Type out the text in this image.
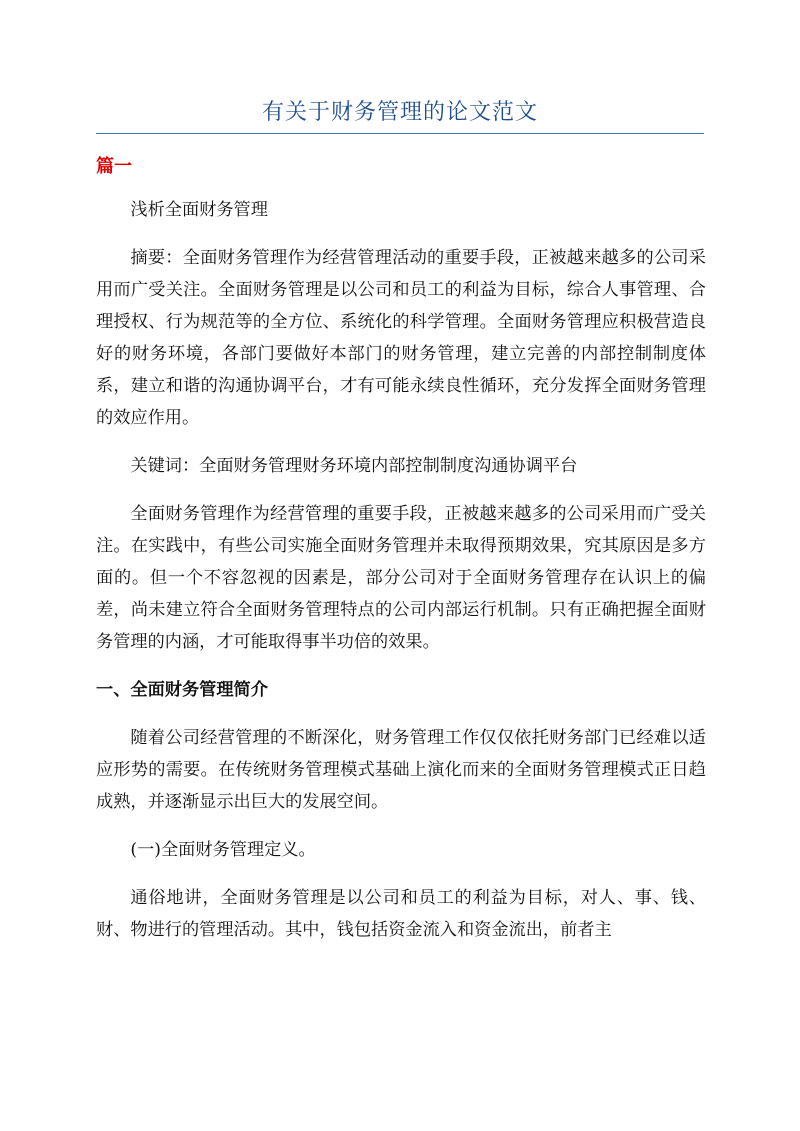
有关于财务管理的论文范文
篇一

浅析全面财务管理

摘要：全面财务管理作为经营管理活动的重要手段，正被越来越多的公司采用而广受关注。全面财务管理是以公司和员工的利益为目标，综合人事管理、合理授权、行为规范等的全方位、系统化的科学管理。全面财务管理应积极营造良好的财务环境，各部门要做好本部门的财务管理，建立完善的内部控制制度体系，建立和谐的沟通协调平台，才有可能永续良性循环，充分发挥全面财务管理的效应作用。

关键词：全面财务管理财务环境内部控制制度沟通协调平台

全面财务管理作为经营管理的重要手段，正被越来越多的公司采用而广受关注。在实践中，有些公司实施全面财务管理并未取得预期效果，究其原因是多方面的。但一个不容忽视的因素是，部分公司对于全面财务管理存在认识上的偏差，尚未建立符合全面财务管理特点的公司内部运行机制。只有正确把握全面财务管理的内涵，才可能取得事半功倍的效果。

一、全面财务管理简介

随着公司经营管理的不断深化，财务管理工作仅仅依托财务部门已经难以适应形势的需要。在传统财务管理模式基础上演化而来的全面财务管理模式正日趋成熟，并逐渐显示出巨大的发展空间。

(一)全面财务管理定义。

通俗地讲，全面财务管理是以公司和员工的利益为目标，对人、事、钱、财、物进行的管理活动。其中，钱包括资金流入和资金流出，前者主
